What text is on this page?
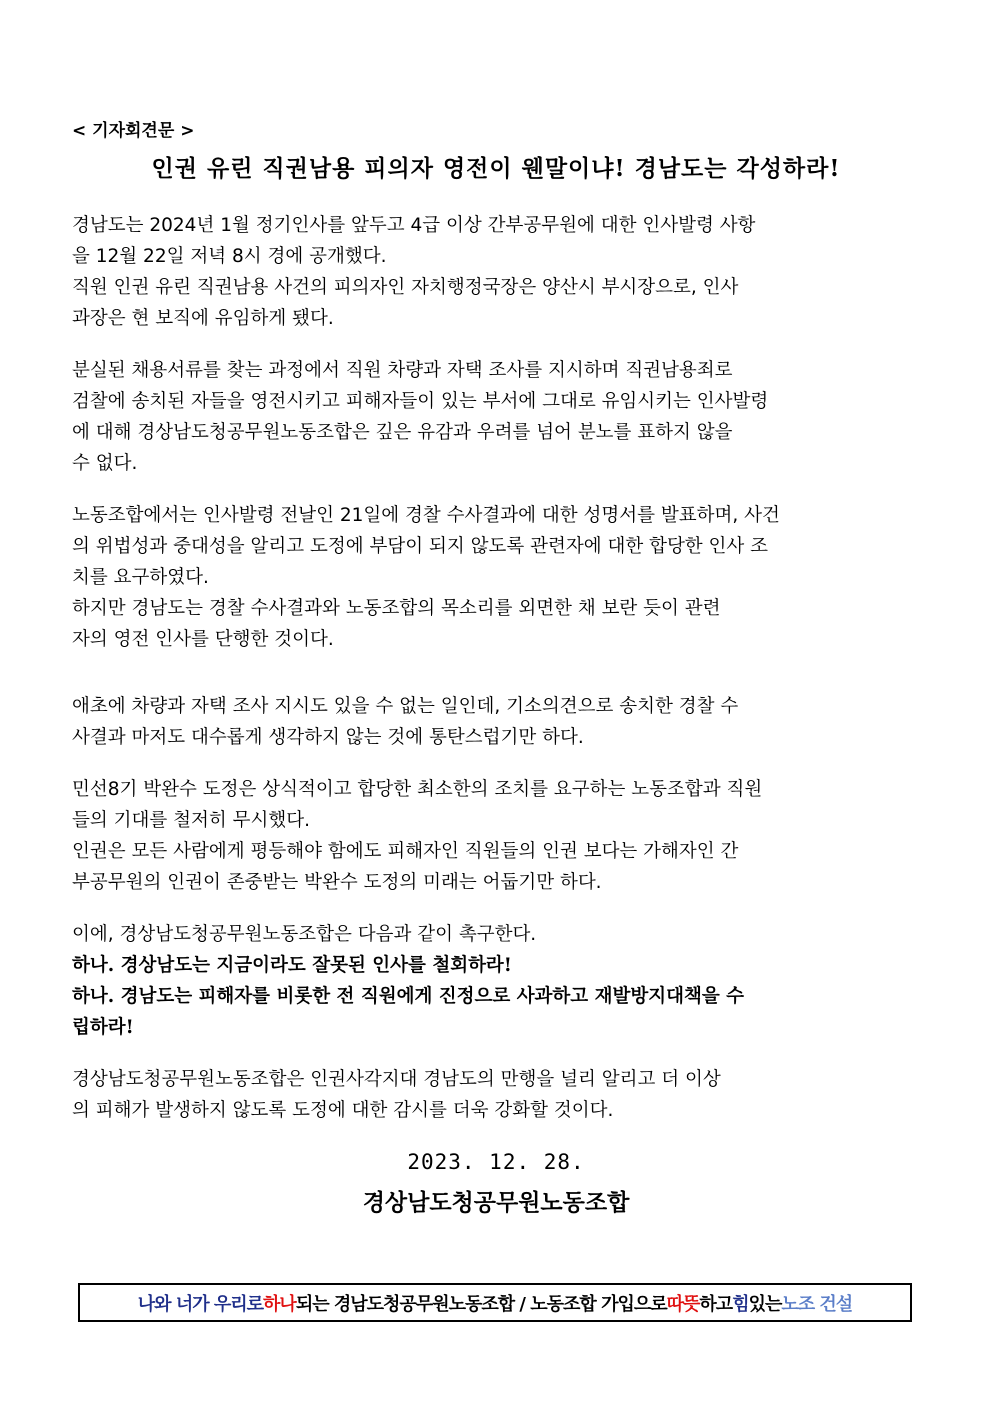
< 기자회견문 >
인권 유린 직권남용 피의자 영전이 웬말이냐! 경남도는 각성하라!

경남도는 2024년 1월 정기인사를 앞두고 4급 이상 간부공무원에 대한 인사발령 사항
을 12월 22일 저녁 8시 경에 공개했다.
직원 인권 유린 직권남용 사건의 피의자인 자치행정국장은 양산시 부시장으로, 인사
과장은 현 보직에 유임하게 됐다.

분실된 채용서류를 찾는 과정에서 직원 차량과 자택 조사를 지시하며 직권남용죄로
검찰에 송치된 자들을 영전시키고 피해자들이 있는 부서에 그대로 유임시키는 인사발령
에 대해 경상남도청공무원노동조합은 깊은 유감과 우려를 넘어 분노를 표하지 않을
수 없다.

노동조합에서는 인사발령 전날인 21일에 경찰 수사결과에 대한 성명서를 발표하며, 사건
의 위법성과 중대성을 알리고 도정에 부담이 되지 않도록 관련자에 대한 합당한 인사 조
치를 요구하였다.
하지만 경남도는 경찰 수사결과와 노동조합의 목소리를 외면한 채 보란 듯이 관련
자의 영전 인사를 단행한 것이다.

애초에 차량과 자택 조사 지시도 있을 수 없는 일인데, 기소의견으로 송치한 경찰 수
사결과 마저도 대수롭게 생각하지 않는 것에 통탄스럽기만 하다.

민선8기 박완수 도정은 상식적이고 합당한 최소한의 조치를 요구하는 노동조합과 직원
들의 기대를 철저히 무시했다.
인권은 모든 사람에게 평등해야 함에도 피해자인 직원들의 인권 보다는 가해자인 간
부공무원의 인권이 존중받는 박완수 도정의 미래는 어둡기만 하다.

이에, 경상남도청공무원노동조합은 다음과 같이 촉구한다.
하나. 경상남도는 지금이라도 잘못된 인사를 철회하라!
하나. 경남도는 피해자를 비롯한 전 직원에게 진정으로 사과하고 재발방지대책을 수
립하라!

경상남도청공무원노동조합은 인권사각지대 경남도의 만행을 널리 알리고 더 이상
의 피해가 발생하지 않도록 도정에 대한 감시를 더욱 강화할 것이다.

2023. 12. 28.
경상남도청공무원노동조합
나와 너가 우리로 하나 되는 경남도청공무원노동조합 / 노동조합 가입으로 따뜻 하고 힘 있는 노조 건설
